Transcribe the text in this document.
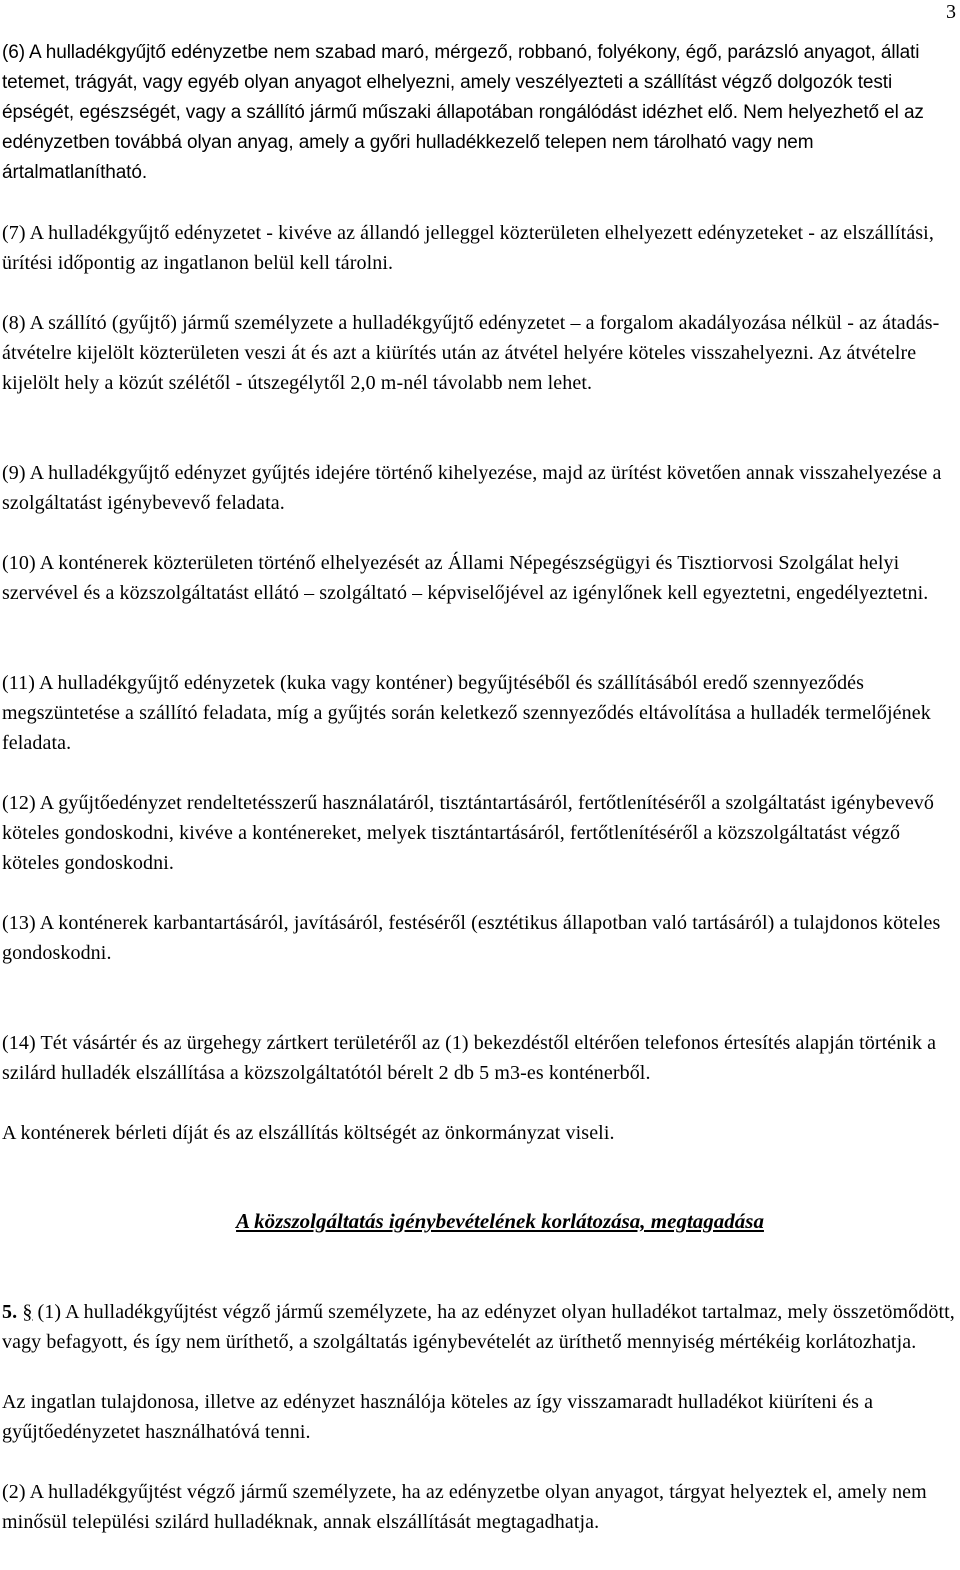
3

(6) A hulladékgyűjtő edényzetbe nem szabad maró, mérgező, robbanó, folyékony, égő, parázsló anyagot, állati tetemet, trágyát, vagy egyéb olyan anyagot elhelyezni, amely veszélyezteti a szállítást végző dolgozók testi épségét, egészségét, vagy a szállító jármű műszaki állapotában rongálódást idézhet elő. Nem helyezhető el az edényzetben továbbá olyan anyag, amely a győri hulladékkezelő telepen nem tárolható vagy nem ártalmatlanítható.

(7) A hulladékgyűjtő edényzetet - kivéve az állandó jelleggel közterületen elhelyezett edényzeteket - az elszállítási, ürítési időpontig az ingatlanon belül kell tárolni.

(8) A szállító (gyűjtő) jármű személyzete a hulladékgyűjtő edényzetet – a forgalom akadályozása nélkül - az átadás-átvételre kijelölt közterületen veszi át és azt a kiürítés után az átvétel helyére köteles visszahelyezni. Az átvételre kijelölt hely a közút szélétől - útszegélytől 2,0 m-nél távolabb nem lehet.

(9) A hulladékgyűjtő edényzet gyűjtés idejére történő kihelyezése, majd az ürítést követően annak visszahelyezése a szolgáltatást igénybevevő feladata.

(10) A konténerek közterületen történő elhelyezését az Állami Népegészségügyi és Tisztiorvosi Szolgálat helyi szervével és a közszolgáltatást ellátó – szolgáltató – képviselőjével az igénylőnek kell egyeztetni, engedélyeztetni.

(11) A hulladékgyűjtő edényzetek (kuka vagy konténer) begyűjtéséből és szállításából eredő szennyeződés megszüntetése a szállító feladata, míg a gyűjtés során keletkező szennyeződés eltávolítása a hulladék termelőjének feladata.

(12) A gyűjtőedényzet rendeltetésszerű használatáról, tisztántartásáról, fertőtlenítéséről a szolgáltatást igénybevevő köteles gondoskodni, kivéve a konténereket, melyek tisztántartásáról, fertőtlenítéséről a közszolgáltatást végző köteles gondoskodni.

(13) A konténerek karbantartásáról, javításáról, festéséről (esztétikus állapotban való tartásáról) a tulajdonos köteles gondoskodni.

(14) Tét vásártér és az ürgehegy zártkert területéről az (1) bekezdéstől eltérően telefonos értesítés alapján történik a szilárd hulladék elszállítása a közszolgáltatótól bérelt 2 db 5 m3-es konténerből.

A konténerek bérleti díját és az elszállítás költségét az önkormányzat viseli.

A közszolgáltatás igénybevételének korlátozása, megtagadása

5. § (1) A hulladékgyűjtést végző jármű személyzete, ha az edényzet olyan hulladékot tartalmaz, mely összetömődött, vagy befagyott, és így nem üríthető, a szolgáltatás igénybevételét az üríthető mennyiség mértékéig korlátozhatja.

Az ingatlan tulajdonosa, illetve az edényzet használója köteles az így visszamaradt hulladékot kiüríteni és a gyűjtőedényzetet használhatóvá tenni.

(2) A hulladékgyűjtést végző jármű személyzete, ha az edényzetbe olyan anyagot, tárgyat helyeztek el, amely nem minősül települési szilárd hulladéknak, annak elszállítását megtagadhatja.
